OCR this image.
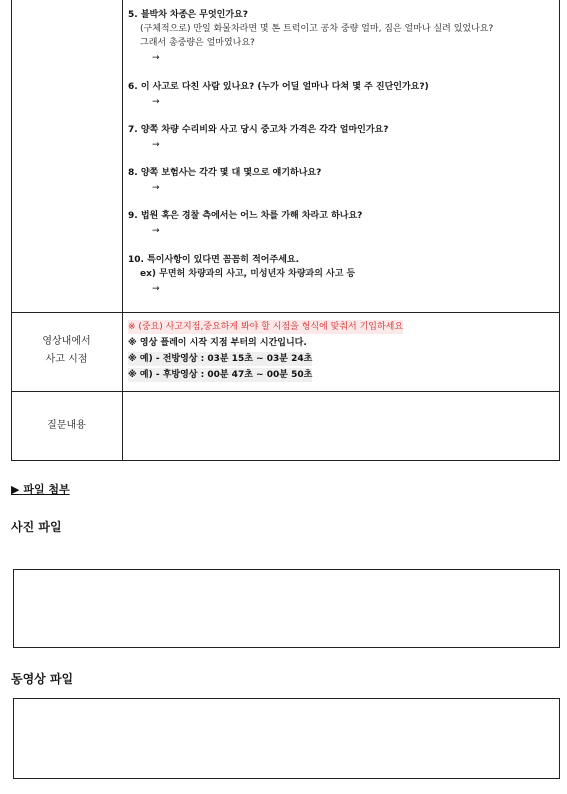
5. 블박차 차종은 무엇인가요?
(구체적으로) 만일 화물차라면 몇 톤 트럭이고 공차 중량 얼마, 짐은 얼마나 실려 있었나요?
그래서 총중량은 얼마였나요?
→
6. 이 사고로 다친 사람 있나요? (누가 어딜 얼마나 다쳐 몇 주 진단인가요?)
→
7. 양쪽 차량 수리비와 사고 당시 중고차 가격은 각각 얼마인가요?
→
8. 양쪽 보험사는 각각 몇 대 몇으로 얘기하나요?
→
9. 법원 혹은 경찰 측에서는 어느 차를 가해 차라고 하나요?
→
10. 특이사항이 있다면 꼼꼼히 적어주세요.
ex) 무면허 차량과의 사고, 미성년자 차량과의 사고 등
→
영상내에서
사고 시점
※ (중요) 사고지점,중요하게 봐야 할 시점을 형식에 맞춰서 기입하세요
※ 영상 플레이 시작 지점 부터의 시간입니다.
※ 예) - 전방영상 : 03분 15초 ~ 03분 24초
※ 예) - 후방영상 : 00분 47초 ~ 00분 50초
질문내용
▶ 파일 첨부
사진 파일
동영상 파일
